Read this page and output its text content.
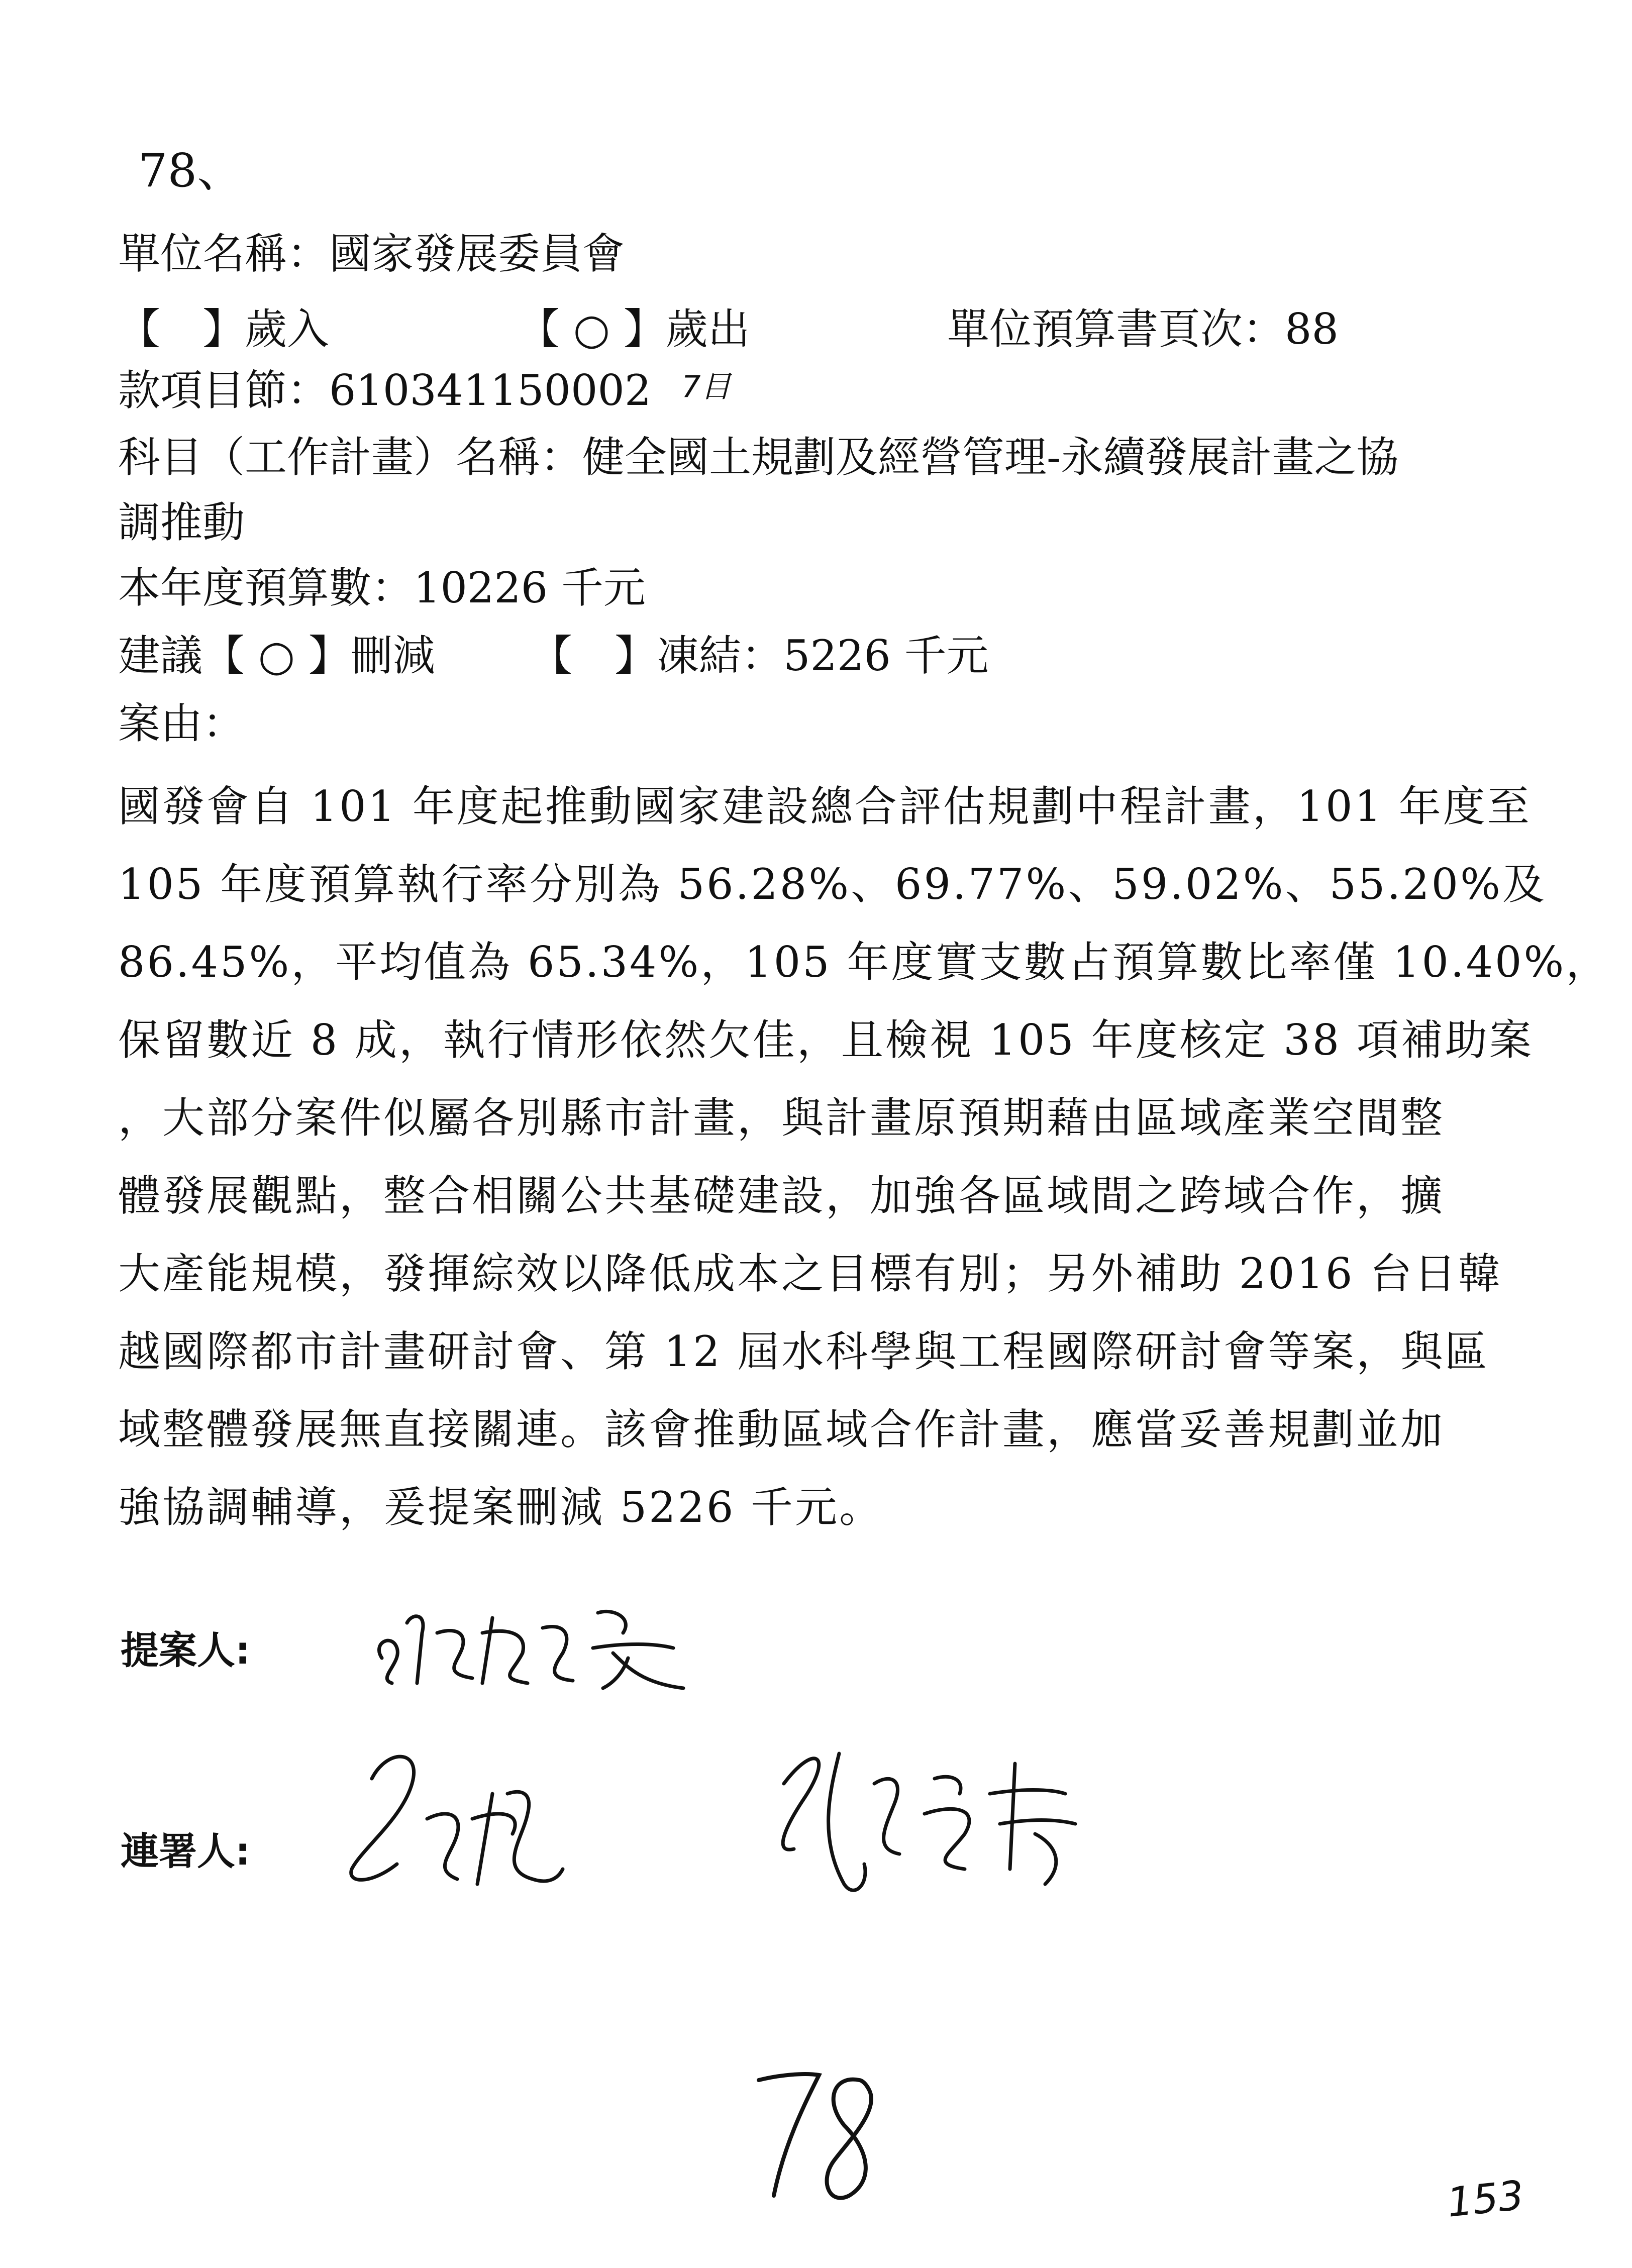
78、
單位名稱：國家發展委員會
【　】歲入	【 ○ 】歲出	單位預算書頁次：88
款項目節：610341150002 7目
科目（工作計畫）名稱：健全國土規劃及經營管理-永續發展計畫之協
調推動
本年度預算數：10226 千元
建議【 ○ 】刪減 【　】凍結：5226 千元
案由：
國發會自 101 年度起推動國家建設總合評估規劃中程計畫，101 年度至
105 年度預算執行率分別為 56.28%、69.77%、59.02%、55.20%及
86.45%，平均值為 65.34%，105 年度實支數占預算數比率僅 10.40%，
保留數近 8 成，執行情形依然欠佳，且檢視 105 年度核定 38 項補助案
，大部分案件似屬各別縣市計畫，與計畫原預期藉由區域產業空間整
體發展觀點，整合相關公共基礎建設，加強各區域間之跨域合作，擴
大產能規模，發揮綜效以降低成本之目標有別；另外補助 2016 台日韓
越國際都市計畫研討會、第 12 屆水科學與工程國際研討會等案，與區
域整體發展無直接關連。該會推動區域合作計畫，應當妥善規劃並加
強協調輔導，爰提案刪減 5226 千元。
提案人:
連署人:
78	153
